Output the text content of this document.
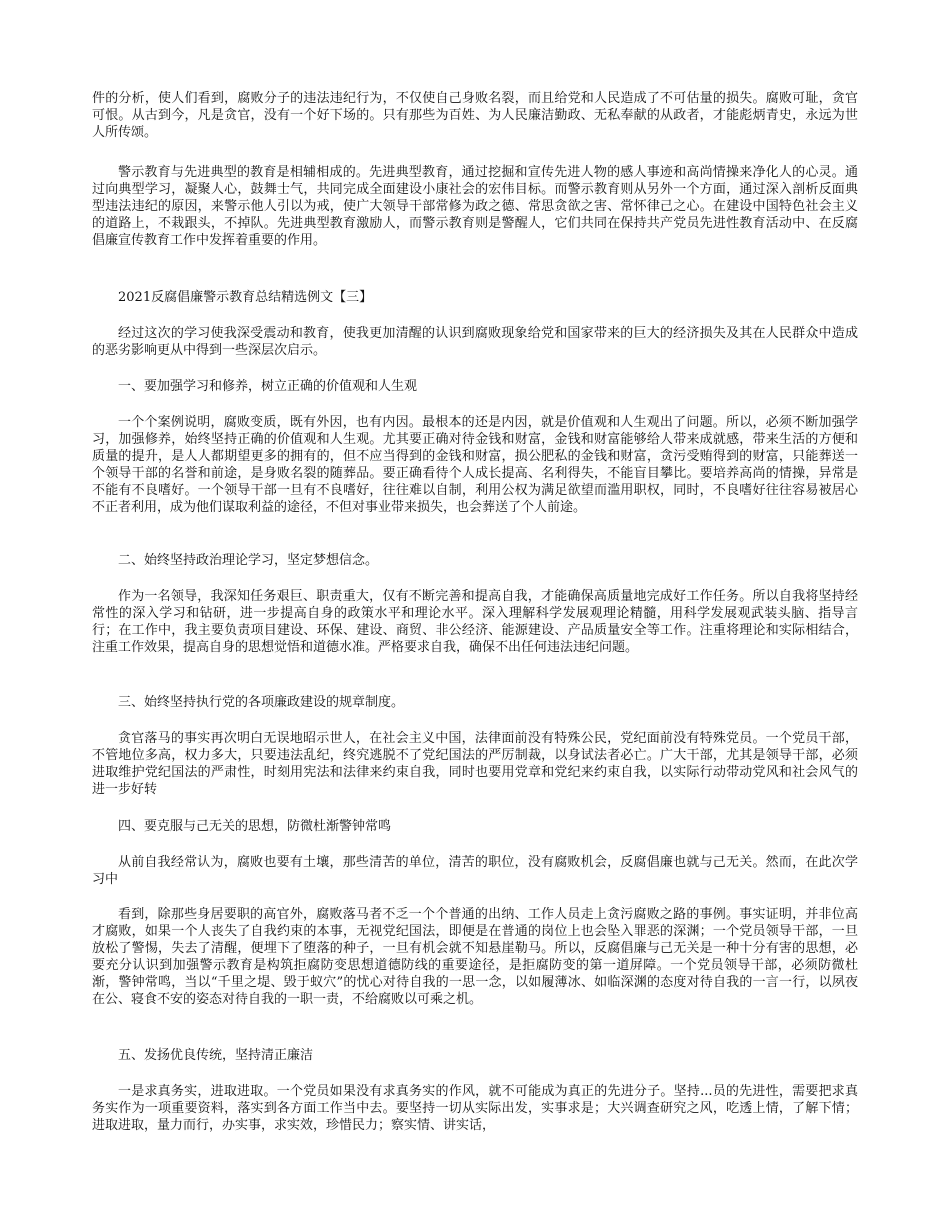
件的分析，使人们看到，腐败分子的违法违纪行为，不仅使自己身败名裂，而且给党和人民造成了不可估量的损失。腐败可耻，贪官可恨。从古到今，凡是贪官，没有一个好下场的。只有那些为百姓、为人民廉洁勤政、无私奉献的从政者，才能彪炳青史，永远为世人所传颂。

警示教育与先进典型的教育是相辅相成的。先进典型教育，通过挖掘和宣传先进人物的感人事迹和高尚情操来净化人的心灵。通过向典型学习，凝聚人心，鼓舞士气，共同完成全面建设小康社会的宏伟目标。而警示教育则从另外一个方面，通过深入剖析反面典型违法违纪的原因，来警示他人引以为戒，使广大领导干部常修为政之德、常思贪欲之害、常怀律己之心。在建设中国特色社会主义的道路上，不栽跟头，不掉队。先进典型教育激励人，而警示教育则是警醒人，它们共同在保持共产党员先进性教育活动中、在反腐倡廉宣传教育工作中发挥着重要的作用。

2021反腐倡廉警示教育总结精选例文【三】

经过这次的学习使我深受震动和教育，使我更加清醒的认识到腐败现象给党和国家带来的巨大的经济损失及其在人民群众中造成的恶劣影响更从中得到一些深层次启示。

一、要加强学习和修养，树立正确的价值观和人生观

一个个案例说明，腐败变质，既有外因，也有内因。最根本的还是内因，就是价值观和人生观出了问题。所以，必须不断加强学习，加强修养，始终坚持正确的价值观和人生观。尤其要正确对待金钱和财富，金钱和财富能够给人带来成就感，带来生活的方便和质量的提升，是人人都期望更多的拥有的，但不应当得到的金钱和财富，损公肥私的金钱和财富，贪污受贿得到的财富，只能葬送一个领导干部的名誉和前途，是身败名裂的随葬品。要正确看待个人成长提高、名利得失，不能盲目攀比。要培养高尚的情操，异常是不能有不良嗜好。一个领导干部一旦有不良嗜好，往往难以自制，利用公权为满足欲望而滥用职权，同时，不良嗜好往往容易被居心不正者利用，成为他们谋取利益的途径，不但对事业带来损失，也会葬送了个人前途。

二、始终坚持政治理论学习，坚定梦想信念。

作为一名领导，我深知任务艰巨、职责重大，仅有不断完善和提高自我，才能确保高质量地完成好工作任务。所以自我将坚持经常性的深入学习和钻研，进一步提高自身的政策水平和理论水平。深入理解科学发展观理论精髓，用科学发展观武装头脑、指导言行；在工作中，我主要负责项目建设、环保、建设、商贸、非公经济、能源建设、产品质量安全等工作。注重将理论和实际相结合，注重工作效果，提高自身的思想觉悟和道德水准。严格要求自我，确保不出任何违法违纪问题。

三、始终坚持执行党的各项廉政建设的规章制度。

贪官落马的事实再次明白无误地昭示世人，在社会主义中国，法律面前没有特殊公民，党纪面前没有特殊党员。一个党员干部，不管地位多高，权力多大，只要违法乱纪，终究逃脱不了党纪国法的严厉制裁，以身试法者必亡。广大干部，尤其是领导干部，必须进取维护党纪国法的严肃性，时刻用宪法和法律来约束自我，同时也要用党章和党纪来约束自我，以实际行动带动党风和社会风气的进一步好转

四、要克服与己无关的思想，防微杜渐警钟常鸣

从前自我经常认为，腐败也要有土壤，那些清苦的单位，清苦的职位，没有腐败机会，反腐倡廉也就与己无关。然而，在此次学习中

看到，除那些身居要职的高官外，腐败落马者不乏一个个普通的出纳、工作人员走上贪污腐败之路的事例。事实证明，并非位高才腐败，如果一个人丧失了自我约束的本事，无视党纪国法，即便是在普通的岗位上也会坠入罪恶的深渊；一个党员领导干部，一旦放松了警惕，失去了清醒，便埋下了堕落的种子，一旦有机会就不知悬崖勒马。所以，反腐倡廉与己无关是一种十分有害的思想，必要充分认识到加强警示教育是构筑拒腐防变思想道德防线的重要途径，是拒腐防变的第一道屏障。一个党员领导干部，必须防微杜渐，警钟常鸣，当以“千里之堤、毁于蚁穴”的忧心对待自我的一思一念，以如履薄冰、如临深渊的态度对待自我的一言一行，以夙夜在公、寝食不安的姿态对待自我的一职一责，不给腐败以可乘之机。

五、发扬优良传统，坚持清正廉洁

一是求真务实，进取进取。一个党员如果没有求真务实的作风，就不可能成为真正的先进分子。坚持...员的先进性，需要把求真务实作为一项重要资料，落实到各方面工作当中去。要坚持一切从实际出发，实事求是；大兴调查研究之风，吃透上情，了解下情；进取进取，量力而行，办实事，求实效，珍惜民力；察实情、讲实话，
